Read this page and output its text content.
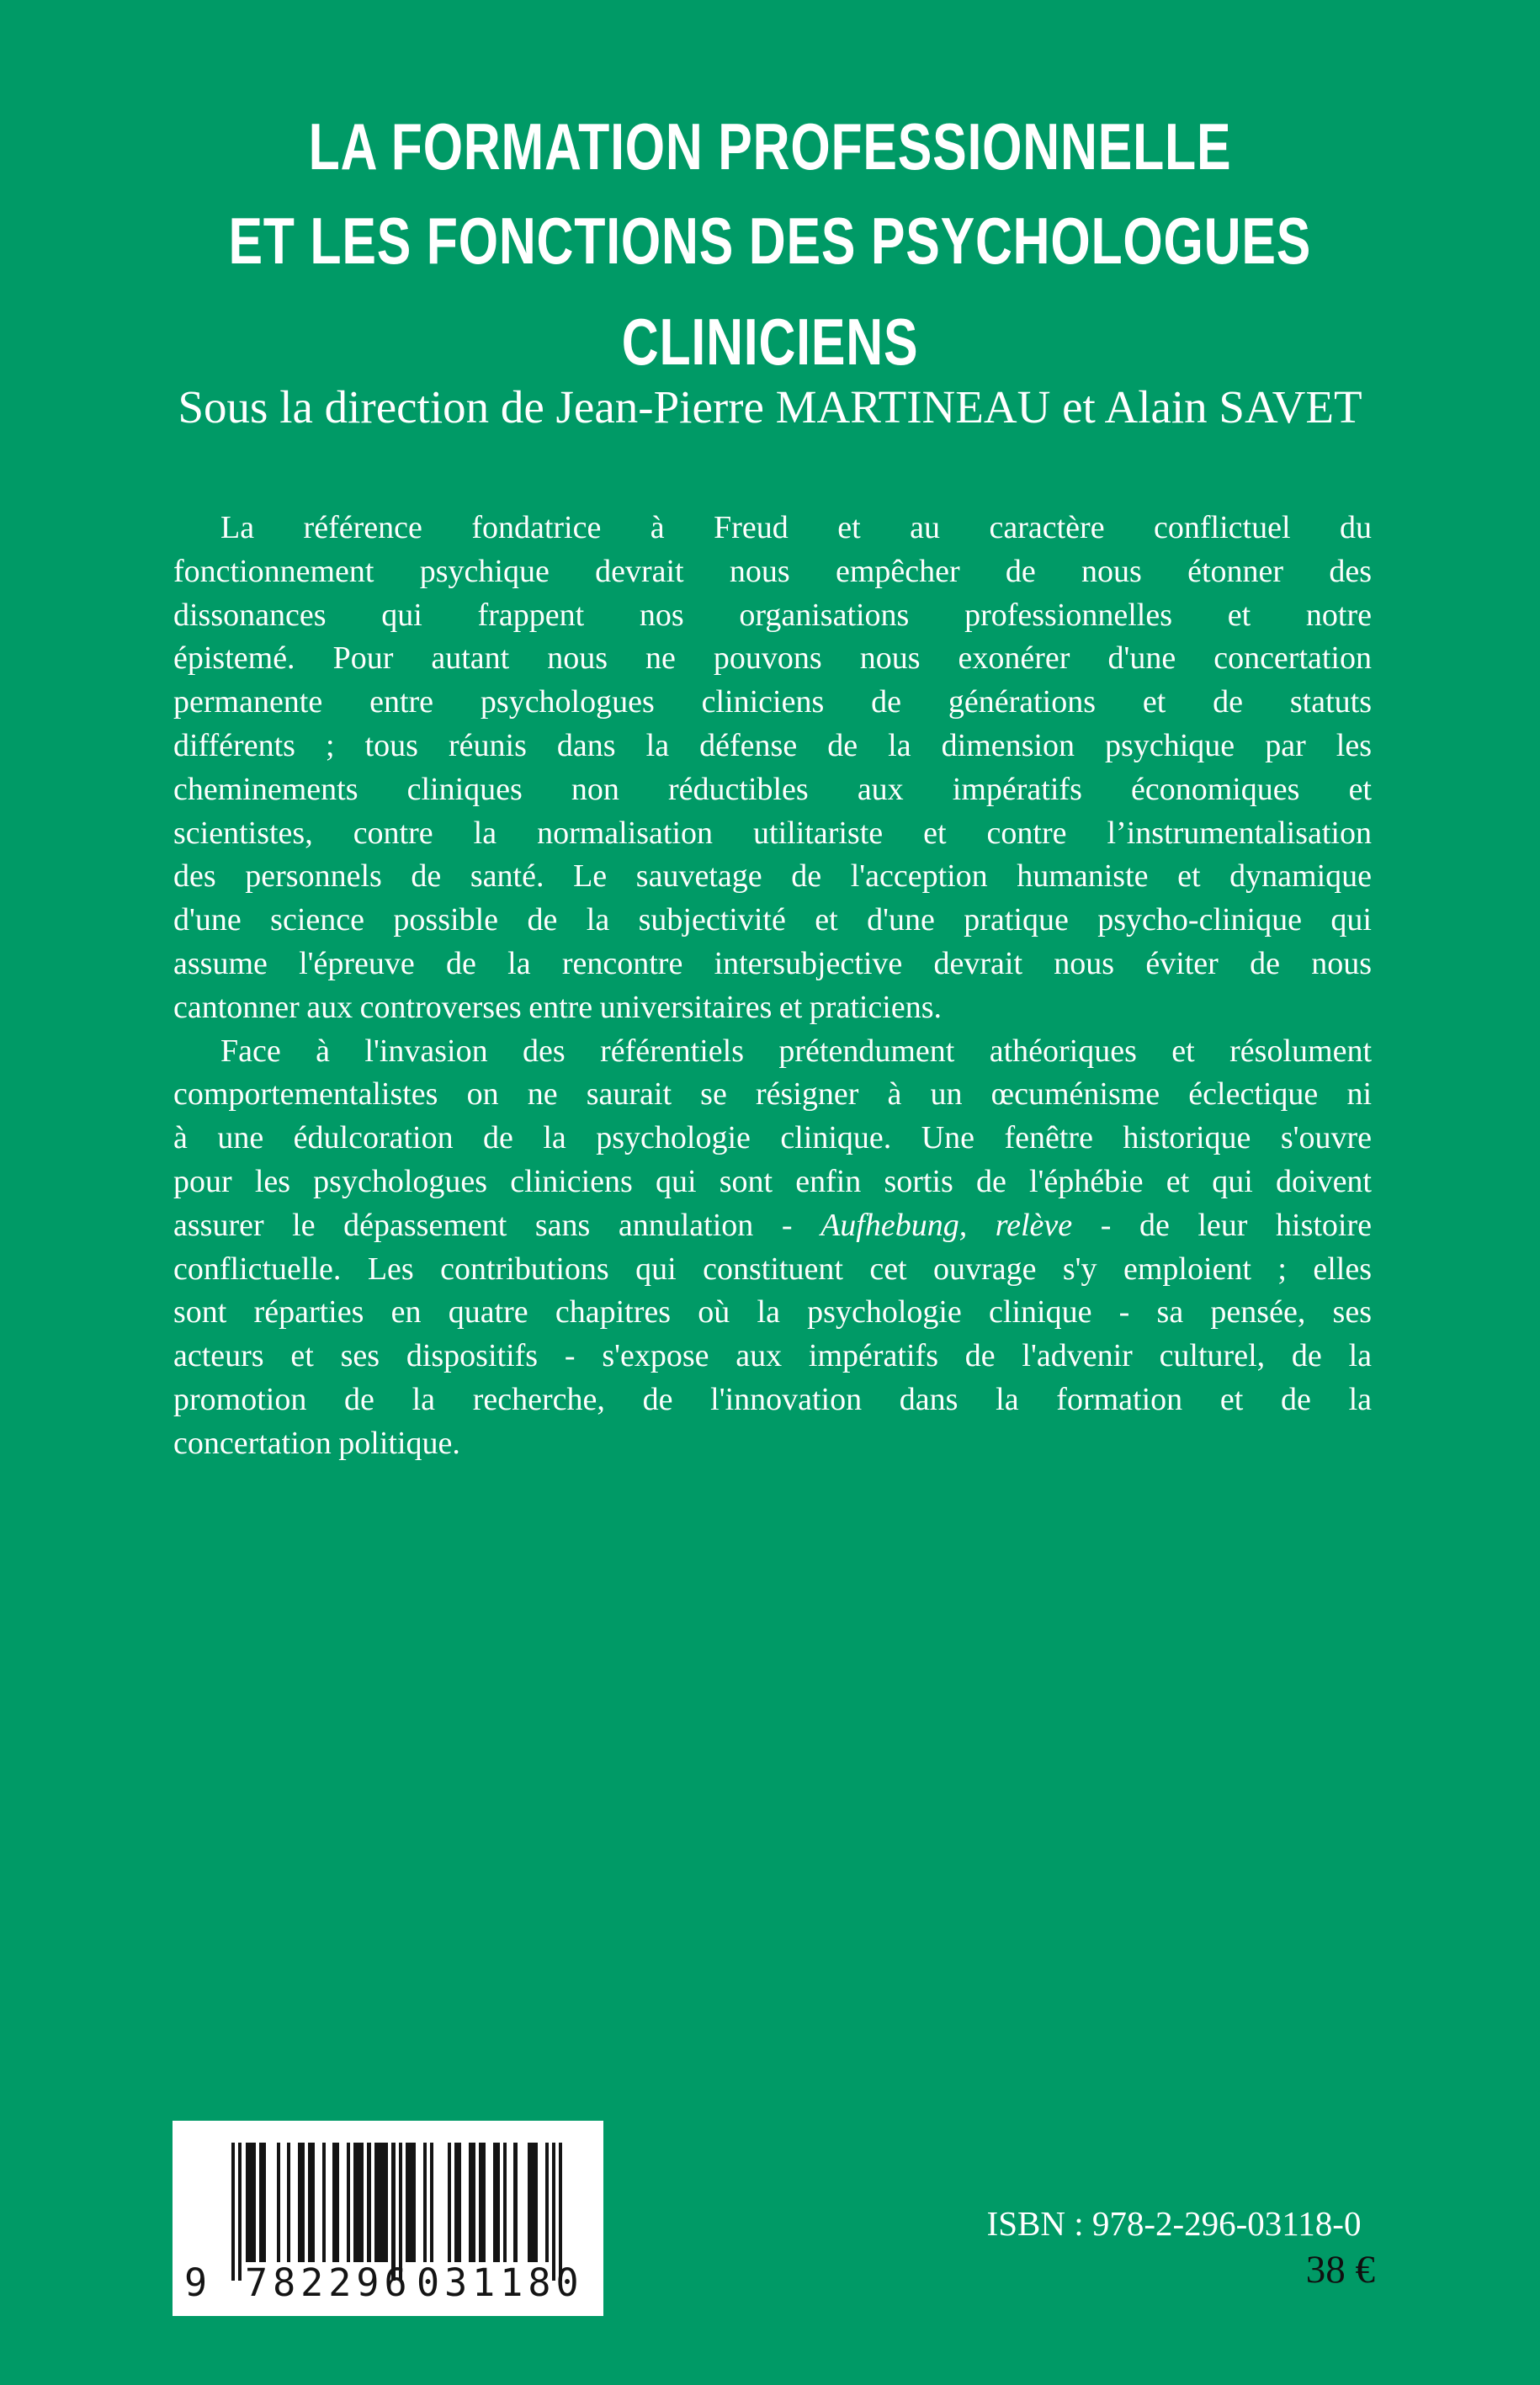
LA FORMATION PROFESSIONNELLE
ET LES FONCTIONS DES PSYCHOLOGUES
CLINICIENS
Sous la direction de Jean-Pierre MARTINEAU et Alain SAVET
La référence fondatrice à Freud et au caractère conflictuel du
fonctionnement psychique devrait nous empêcher de nous étonner des
dissonances qui frappent nos organisations professionnelles et notre
épistemé. Pour autant nous ne pouvons nous exonérer d'une concertation
permanente entre psychologues cliniciens de générations et de statuts
différents ; tous réunis dans la défense de la dimension psychique par les
cheminements cliniques non réductibles aux impératifs économiques et
scientistes, contre la normalisation utilitariste et contre l’instrumentalisation
des personnels de santé. Le sauvetage de l'acception humaniste et dynamique
d'une science possible de la subjectivité et d'une pratique psycho-clinique qui
assume l'épreuve de la rencontre intersubjective devrait nous éviter de nous
cantonner aux controverses entre universitaires et praticiens.
Face à l'invasion des référentiels prétendument athéoriques et résolument
comportementalistes on ne saurait se résigner à un œcuménisme éclectique ni
à une édulcoration de la psychologie clinique. Une fenêtre historique s'ouvre
pour les psychologues cliniciens qui sont enfin sortis de l'éphébie et qui doivent
assurer le dépassement sans annulation - Aufhebung, relève - de leur histoire
conflictuelle. Les contributions qui constituent cet ouvrage s'y emploient ; elles
sont réparties en quatre chapitres où la psychologie clinique - sa pensée, ses
acteurs et ses dispositifs - s'expose aux impératifs de l'advenir culturel, de la
promotion de la recherche, de l'innovation dans la formation et de la
concertation politique.
9 782296 031180
ISBN : 978-2-296-03118-0
38 €
